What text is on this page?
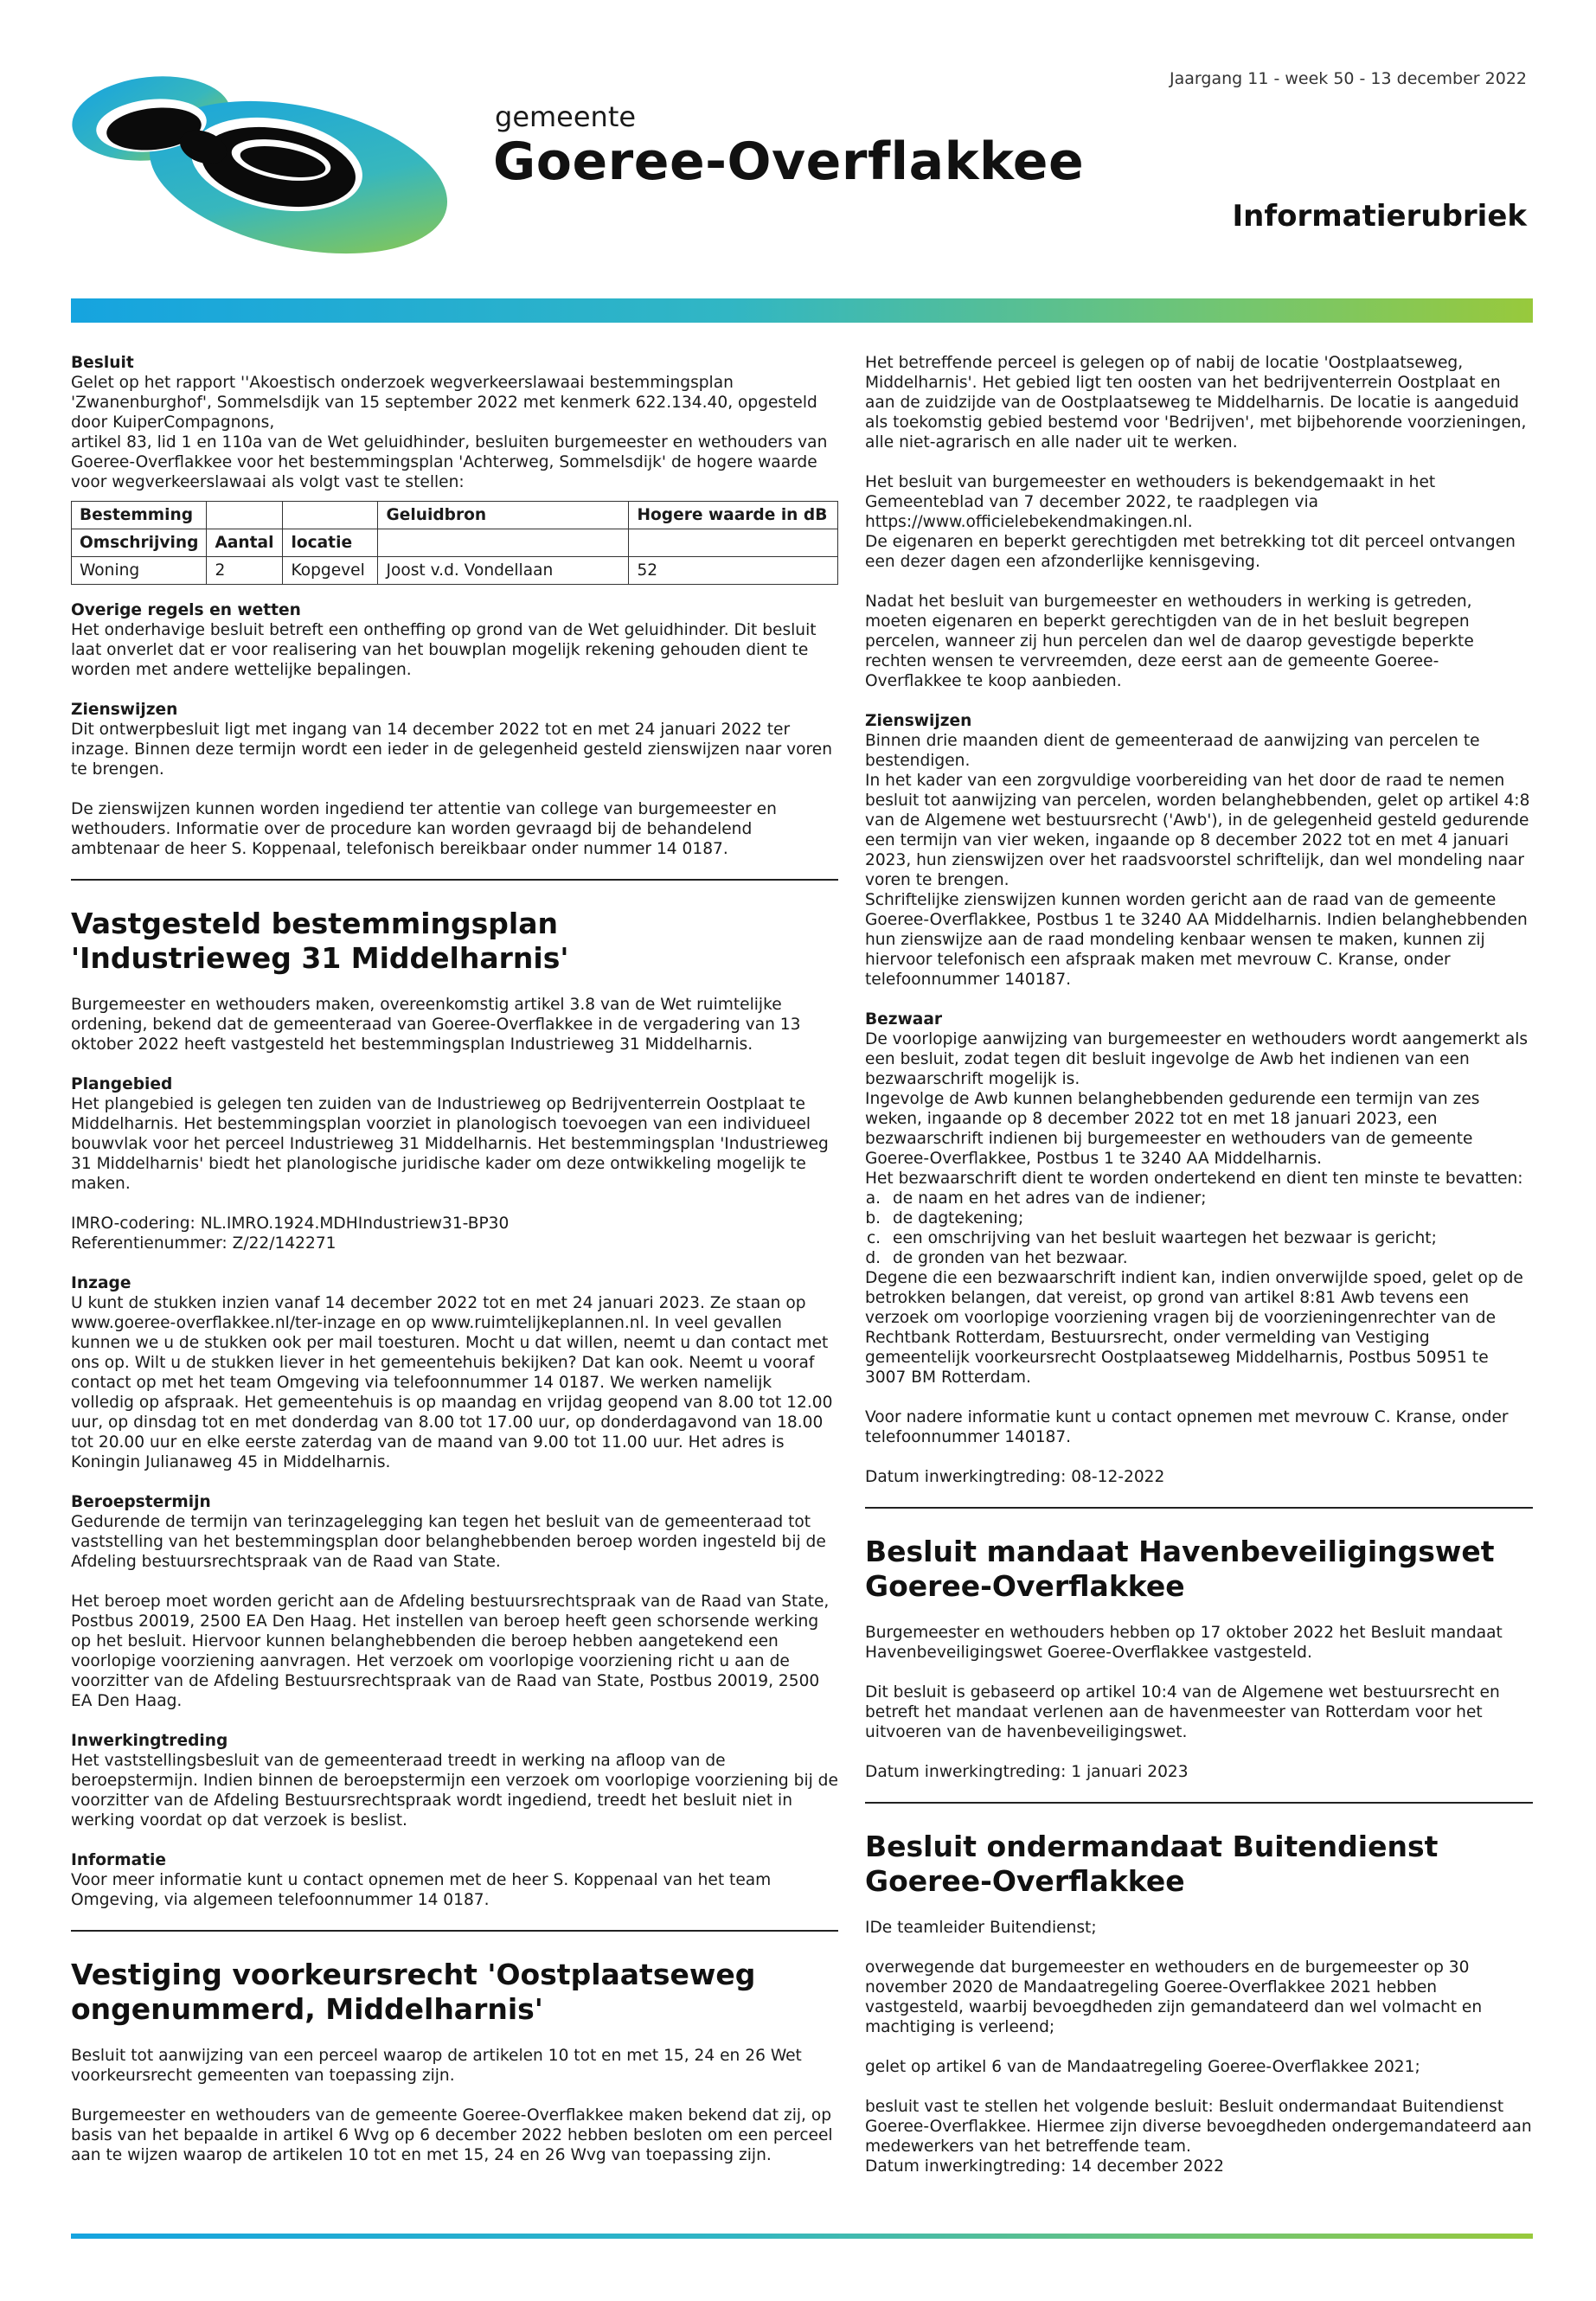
Jaargang 11 - week 50 - 13 december 2022
gemeente
Goeree-Overflakkee
Informatierubriek

Besluit

Gelet op het rapport ''Akoestisch onderzoek wegverkeerslawaai bestemmingsplan 'Zwanenburghof', Sommelsdijk van 15 september 2022 met kenmerk 622.134.40, opgesteld door KuiperCompagnons,
artikel 83, lid 1 en 110a van de Wet geluidhinder, besluiten burgemeester en wethouders van Goeree-Overflakkee voor het bestemmingsplan 'Achterweg, Sommelsdijk' de hogere waarde voor wegverkeerslawaai als volgt vast te stellen:

Bestemming			Geluidbron	Hogere waarde in dB
Omschrijving	Aantal	locatie		
Woning	2	Kopgevel	Joost v.d. Vondellaan	52

Overige regels en wetten
Het onderhavige besluit betreft een ontheffing op grond van de Wet geluidhinder. Dit besluit laat onverlet dat er voor realisering van het bouwplan mogelijk rekening gehouden dient te worden met andere wettelijke bepalingen.

Zienswijzen
Dit ontwerpbesluit ligt met ingang van 14 december 2022 tot en met 24 januari 2022 ter inzage. Binnen deze termijn wordt een ieder in de gelegenheid gesteld zienswijzen naar voren te brengen.

De zienswijzen kunnen worden ingediend ter attentie van college van burgemeester en wethouders. Informatie over de procedure kan worden gevraagd bij de behandelend ambtenaar de heer S. Koppenaal, telefonisch bereikbaar onder nummer 14 0187.

Vastgesteld bestemmingsplan
'Industrieweg 31 Middelharnis'

Burgemeester en wethouders maken, overeenkomstig artikel 3.8 van de Wet ruimtelijke ordening, bekend dat de gemeenteraad van Goeree-Overflakkee in de vergadering van 13 oktober 2022 heeft vastgesteld het bestemmingsplan Industrieweg 31 Middelharnis.

Plangebied
Het plangebied is gelegen ten zuiden van de Industrieweg op Bedrijventerrein Oostplaat te Middelharnis. Het bestemmingsplan voorziet in planologisch toevoegen van een individueel bouwvlak voor het perceel Industrieweg 31 Middelharnis. Het bestemmingsplan 'Industrieweg 31 Middelharnis' biedt het planologische juridische kader om deze ontwikkeling mogelijk te maken.

IMRO-codering: NL.IMRO.1924.MDHIndustriew31-BP30
Referentienummer: Z/22/142271

Inzage
U kunt de stukken inzien vanaf 14 december 2022 tot en met 24 januari 2023. Ze staan op www.goeree-overflakkee.nl/ter-inzage en op www.ruimtelijkeplannen.nl. In veel gevallen kunnen we u de stukken ook per mail toesturen. Mocht u dat willen, neemt u dan contact met ons op. Wilt u de stukken liever in het gemeentehuis bekijken? Dat kan ook. Neemt u vooraf contact op met het team Omgeving via telefoonnummer 14 0187. We werken namelijk volledig op afspraak. Het gemeentehuis is op maandag en vrijdag geopend van 8.00 tot 12.00 uur, op dinsdag tot en met donderdag van 8.00 tot 17.00 uur, op donderdagavond van 18.00 tot 20.00 uur en elke eerste zaterdag van de maand van 9.00 tot 11.00 uur. Het adres is Koningin Julianaweg 45 in Middelharnis.

Beroepstermijn
Gedurende de termijn van terinzagelegging kan tegen het besluit van de gemeenteraad tot vaststelling van het bestemmingsplan door belanghebbenden beroep worden ingesteld bij de Afdeling bestuursrechtspraak van de Raad van State.

Het beroep moet worden gericht aan de Afdeling bestuursrechtspraak van de Raad van State, Postbus 20019, 2500 EA Den Haag. Het instellen van beroep heeft geen schorsende werking op het besluit. Hiervoor kunnen belanghebbenden die beroep hebben aangetekend een voorlopige voorziening aanvragen. Het verzoek om voorlopige voorziening richt u aan de voorzitter van de Afdeling Bestuursrechtspraak van de Raad van State, Postbus 20019, 2500 EA Den Haag.

Inwerkingtreding
Het vaststellingsbesluit van de gemeenteraad treedt in werking na afloop van de beroepstermijn. Indien binnen de beroepstermijn een verzoek om voorlopige voorziening bij de voorzitter van de Afdeling Bestuursrechtspraak wordt ingediend, treedt het besluit niet in werking voordat op dat verzoek is beslist.

Informatie
Voor meer informatie kunt u contact opnemen met de heer S. Koppenaal van het team Omgeving, via algemeen telefoonnummer 14 0187.

Vestiging voorkeursrecht 'Oostplaatseweg ongenummerd, Middelharnis'

Besluit tot aanwijzing van een perceel waarop de artikelen 10 tot en met 15, 24 en 26 Wet voorkeursrecht gemeenten van toepassing zijn.

Burgemeester en wethouders van de gemeente Goeree-Overflakkee maken bekend dat zij, op basis van het bepaalde in artikel 6 Wvg op 6 december 2022 hebben besloten om een perceel aan te wijzen waarop de artikelen 10 tot en met 15, 24 en 26 Wvg van toepassing zijn.

Het betreffende perceel is gelegen op of nabij de locatie 'Oostplaatseweg, Middelharnis'. Het gebied ligt ten oosten van het bedrijventerrein Oostplaat en aan de zuidzijde van de Oostplaatseweg te Middelharnis. De locatie is aangeduid als toekomstig gebied bestemd voor 'Bedrijven', met bijbehorende voorzieningen, alle niet-agrarisch en alle nader uit te werken.

Het besluit van burgemeester en wethouders is bekendgemaakt in het Gemeenteblad van 7 december 2022, te raadplegen via https://www.officielebekendmakingen.nl.
De eigenaren en beperkt gerechtigden met betrekking tot dit perceel ontvangen een dezer dagen een afzonderlijke kennisgeving.

Nadat het besluit van burgemeester en wethouders in werking is getreden, moeten eigenaren en beperkt gerechtigden van de in het besluit begrepen percelen, wanneer zij hun percelen dan wel de daarop gevestigde beperkte rechten wensen te vervreemden, deze eerst aan de gemeente Goeree-Overflakkee te koop aanbieden.

Zienswijzen
Binnen drie maanden dient de gemeenteraad de aanwijzing van percelen te bestendigen.
In het kader van een zorgvuldige voorbereiding van het door de raad te nemen besluit tot aanwijzing van percelen, worden belanghebbenden, gelet op artikel 4:8 van de Algemene wet bestuursrecht ('Awb'), in de gelegenheid gesteld gedurende een termijn van vier weken, ingaande op 8 december 2022 tot en met 4 januari 2023, hun zienswijzen over het raadsvoorstel schriftelijk, dan wel mondeling naar voren te brengen.
Schriftelijke zienswijzen kunnen worden gericht aan de raad van de gemeente Goeree-Overflakkee, Postbus 1 te 3240 AA Middelharnis. Indien belanghebbenden hun zienswijze aan de raad mondeling kenbaar wensen te maken, kunnen zij hiervoor telefonisch een afspraak maken met mevrouw C. Kranse, onder telefoonnummer 140187.

Bezwaar
De voorlopige aanwijzing van burgemeester en wethouders wordt aangemerkt als een besluit, zodat tegen dit besluit ingevolge de Awb het indienen van een bezwaarschrift mogelijk is.
Ingevolge de Awb kunnen belanghebbenden gedurende een termijn van zes weken, ingaande op 8 december 2022 tot en met 18 januari 2023, een bezwaarschrift indienen bij burgemeester en wethouders van de gemeente Goeree-Overflakkee, Postbus 1 te 3240 AA Middelharnis.
Het bezwaarschrift dient te worden ondertekend en dient ten minste te bevatten:

a. de naam en het adres van de indiener;
b. de dagtekening;
c. een omschrijving van het besluit waartegen het bezwaar is gericht;
d. de gronden van het bezwaar.

Degene die een bezwaarschrift indient kan, indien onverwijlde spoed, gelet op de betrokken belangen, dat vereist, op grond van artikel 8:81 Awb tevens een verzoek om voorlopige voorziening vragen bij de voorzieningenrechter van de Rechtbank Rotterdam, Bestuursrecht, onder vermelding van Vestiging gemeentelijk voorkeursrecht Oostplaatseweg Middelharnis, Postbus 50951 te 3007 BM Rotterdam.

Voor nadere informatie kunt u contact opnemen met mevrouw C. Kranse, onder telefoonnummer 140187.

Datum inwerkingtreding: 08-12-2022

Besluit mandaat Havenbeveiligingswet Goeree-Overflakkee

Burgemeester en wethouders hebben op 17 oktober 2022 het Besluit mandaat Havenbeveiligingswet Goeree-Overflakkee vastgesteld.

Dit besluit is gebaseerd op artikel 10:4 van de Algemene wet bestuursrecht en betreft het mandaat verlenen aan de havenmeester van Rotterdam voor het uitvoeren van de havenbeveiligingswet.

Datum inwerkingtreding: 1 januari 2023

Besluit ondermandaat Buitendienst Goeree-Overflakkee

IDe teamleider Buitendienst;

overwegende dat burgemeester en wethouders en de burgemeester op 30 november 2020 de Mandaatregeling Goeree-Overflakkee 2021 hebben vastgesteld, waarbij bevoegdheden zijn gemandateerd dan wel volmacht en machtiging is verleend;

gelet op artikel 6 van de Mandaatregeling Goeree-Overflakkee 2021;

besluit vast te stellen het volgende besluit: Besluit ondermandaat Buitendienst Goeree-Overflakkee. Hiermee zijn diverse bevoegdheden ondergemandateerd aan medewerkers van het betreffende team.
Datum inwerkingtreding: 14 december 2022
